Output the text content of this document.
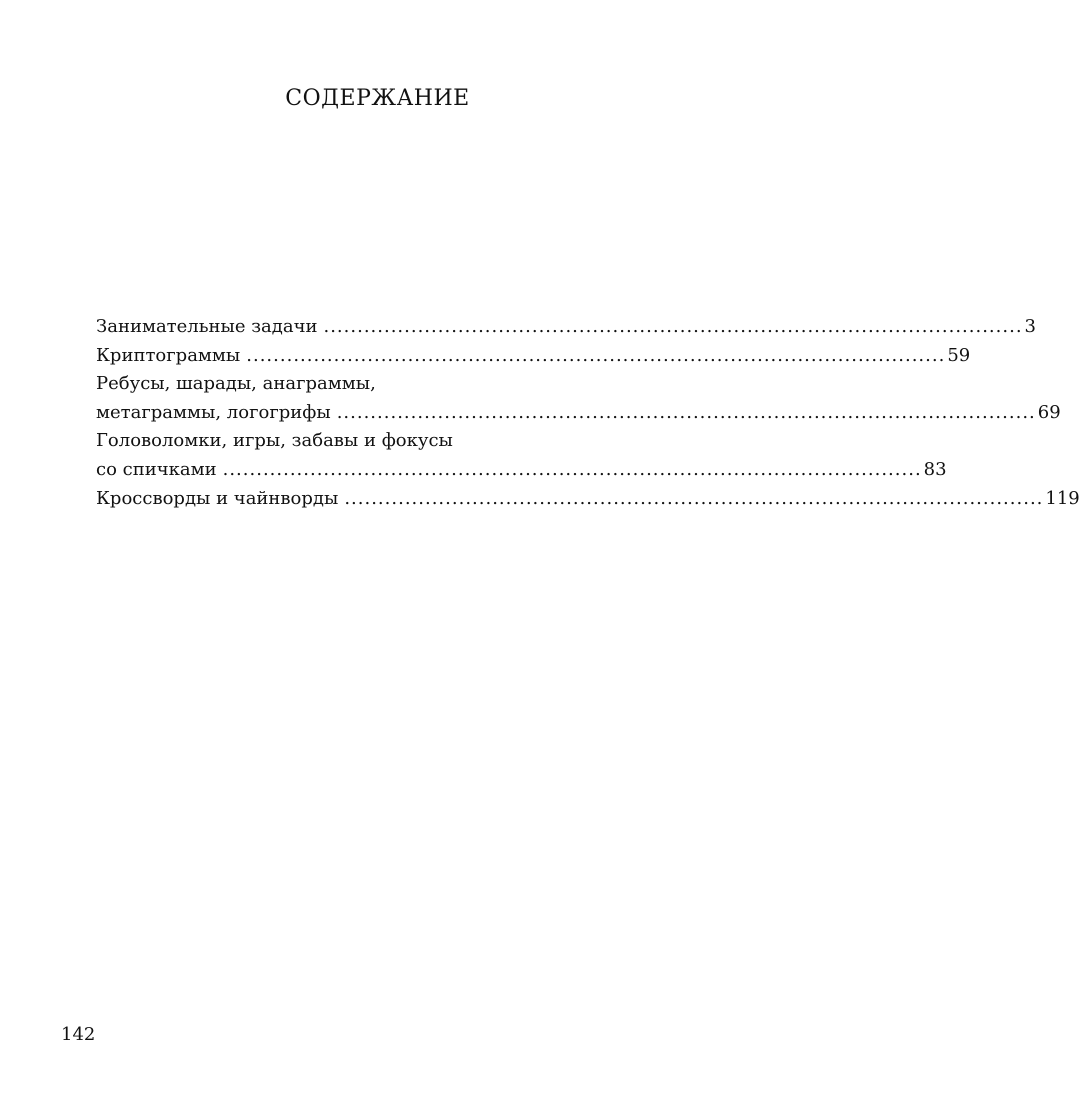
СОДЕРЖАНИЕ
Занимательные задачи ........................................................................................................ 3
Криптограммы ........................................................................................................ 59
Ребусы, шарады, анаграммы,
метаграммы, логогрифы ........................................................................................................ 69
Головоломки, игры, забавы и фокусы
со спичками ........................................................................................................ 83
Кроссворды и чайнворды ........................................................................................................ 119
142
